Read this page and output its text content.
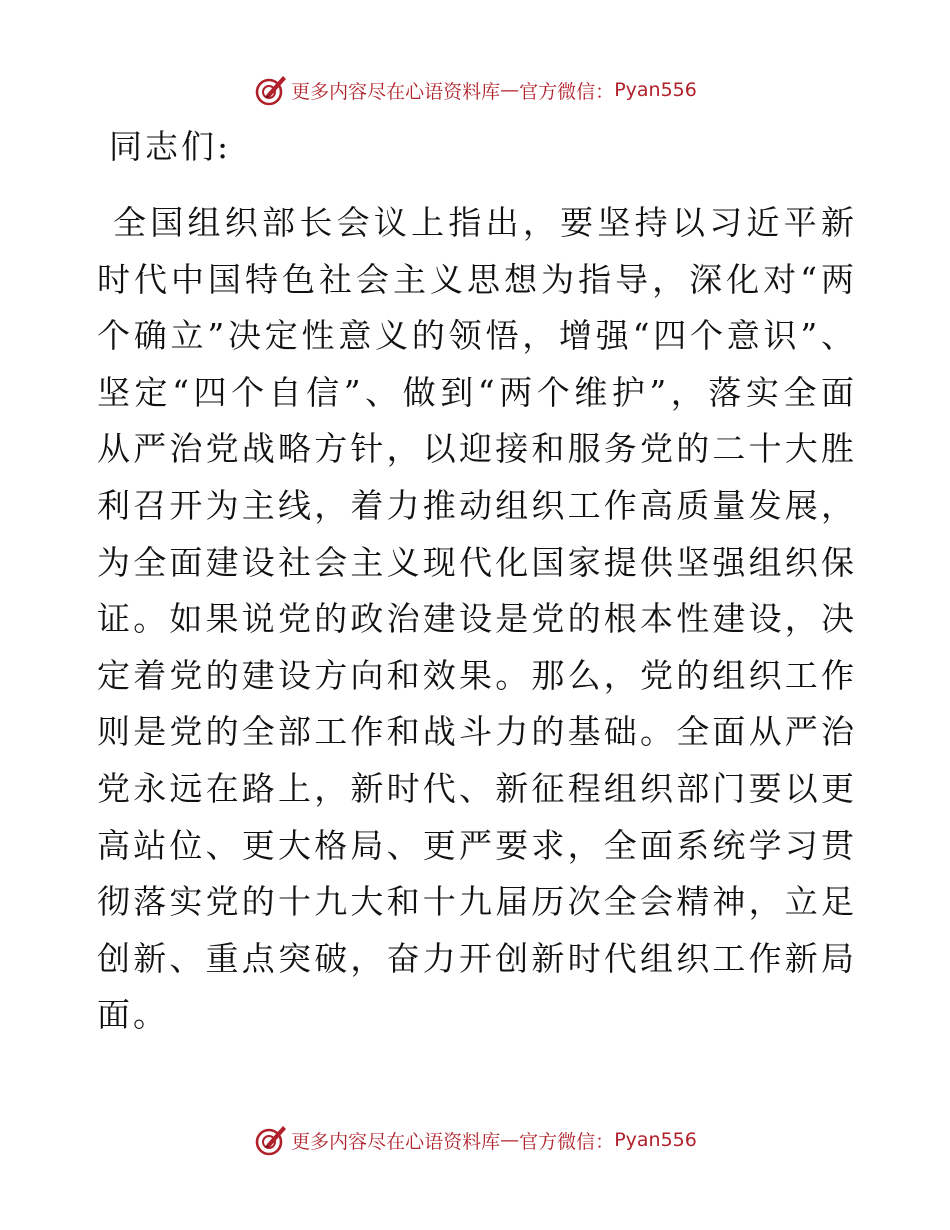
更多内容尽在心语资料库 — 官方微信： Pyan556
同志们:

全国组织部长会议上指出，要坚持以习近平新时代中国特色社会主义思想为指导，深化对“两个确立”决定性意义的领悟，增强“四个意识”、坚定“四个自信”、做到“两个维护”，落实全面从严治党战略方针，以迎接和服务党的二十大胜利召开为主线，着力推动组织工作高质量发展，为全面建设社会主义现代化国家提供坚强组织保证。如果说党的政治建设是党的根本性建设，决定着党的建设方向和效果。那么，党的组织工作则是党的全部工作和战斗力的基础。全面从严治党永远在路上，新时代、新征程组织部门要以更高站位、更大格局、更严要求，全面系统学习贯彻落实党的十九大和十九届历次全会精神，立足创新、重点突破，奋力开创新时代组织工作新局面。

更多内容尽在心语资料库 — 官方微信： Pyan556
